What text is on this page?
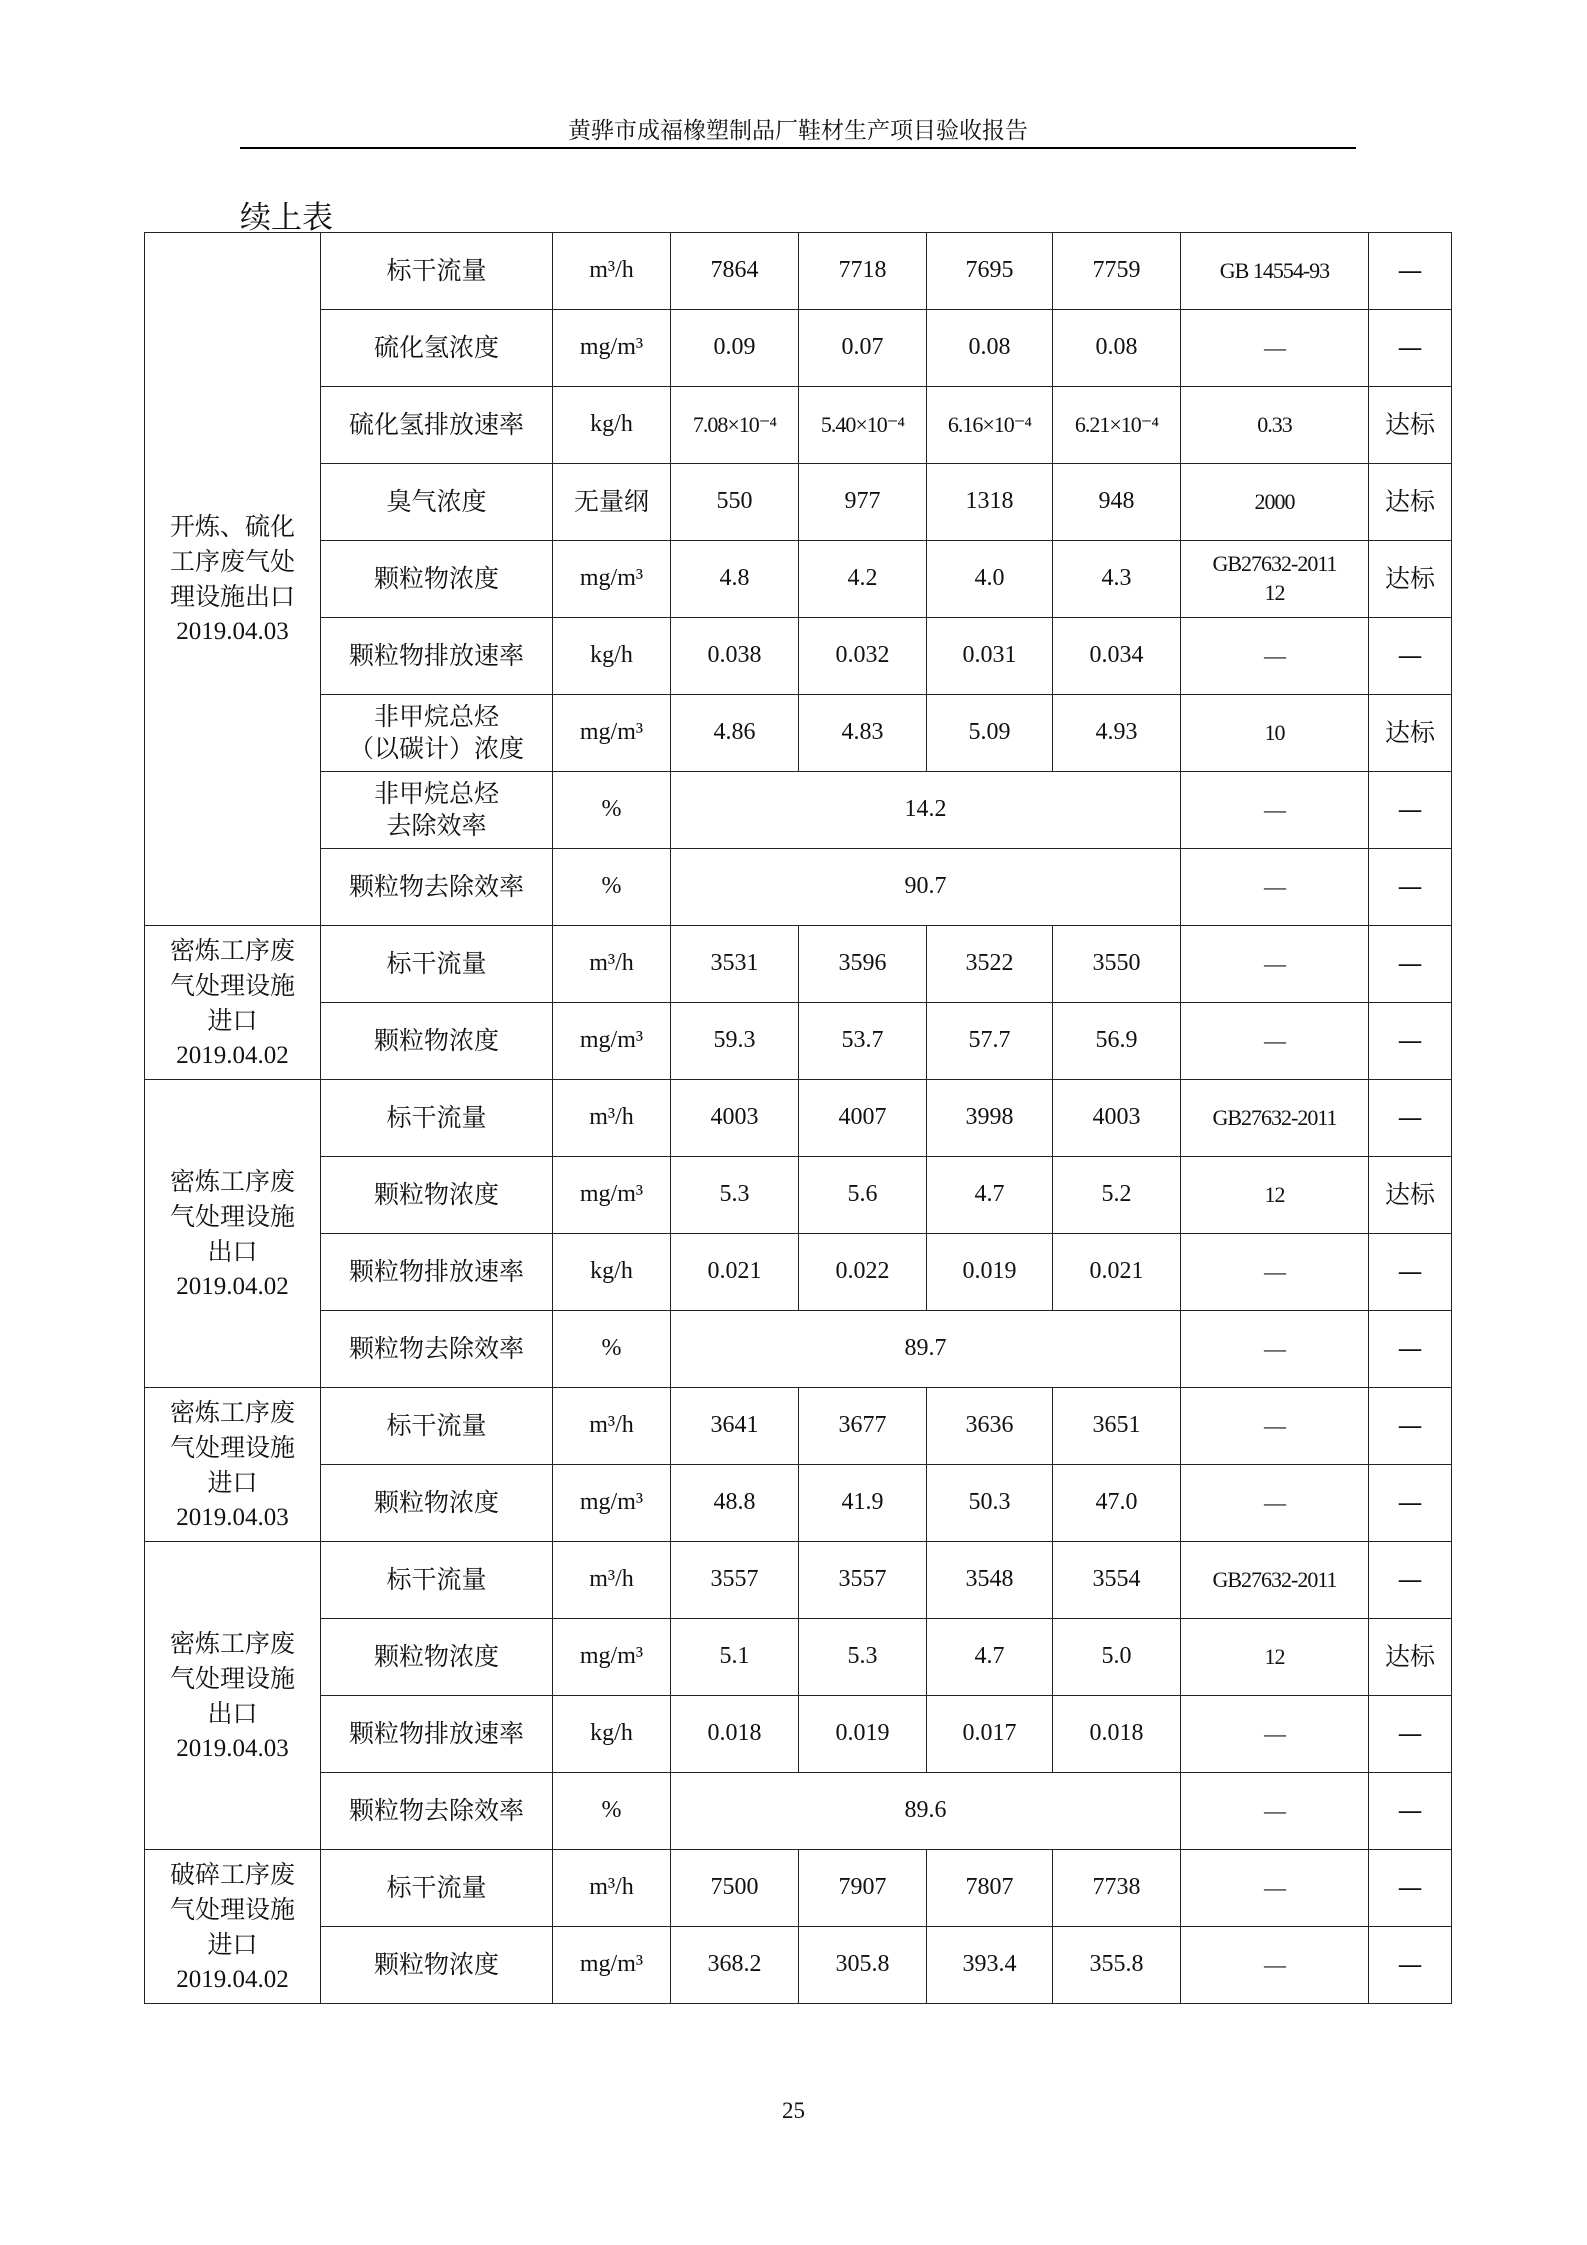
黄骅市成福橡塑制品厂鞋材生产项目验收报告
续上表
开炼、硫化
工序废气处
理设施出口
2019.04.03	标干流量	m³/h	7864	7718	7695	7759	GB 14554-93	—

	硫化氢浓度	mg/m³	0.09	0.07	0.08	0.08	—	—

	硫化氢排放速率	kg/h	7.08×10⁻⁴	5.40×10⁻⁴	6.16×10⁻⁴	6.21×10⁻⁴	0.33	达标

	臭气浓度	无量纲	550	977	1318	948	2000	达标

	颗粒物浓度	mg/m³	4.8	4.2	4.0	4.3	GB27632-2011
12	达标

	颗粒物排放速率	kg/h	0.038	0.032	0.031	0.034	—	—

	非甲烷总烃
（以碳计）浓度	mg/m³	4.86	4.83	5.09	4.93	10	达标

	非甲烷总烃
去除效率	%	14.2				—	—

	颗粒物去除效率	%	90.7				—	—

密炼工序废
气处理设施
进口
2019.04.02	标干流量	m³/h	3531	3596	3522	3550	—	—

	颗粒物浓度	mg/m³	59.3	53.7	57.7	56.9	—	—

密炼工序废
气处理设施
出口
2019.04.02	标干流量	m³/h	4003	4007	3998	4003	GB27632-2011	—

	颗粒物浓度	mg/m³	5.3	5.6	4.7	5.2	12	达标

	颗粒物排放速率	kg/h	0.021	0.022	0.019	0.021	—	—

	颗粒物去除效率	%	89.7				—	—

密炼工序废
气处理设施
进口
2019.04.03	标干流量	m³/h	3641	3677	3636	3651	—	—

	颗粒物浓度	mg/m³	48.8	41.9	50.3	47.0	—	—

密炼工序废
气处理设施
出口
2019.04.03	标干流量	m³/h	3557	3557	3548	3554	GB27632-2011	—

	颗粒物浓度	mg/m³	5.1	5.3	4.7	5.0	12	达标

	颗粒物排放速率	kg/h	0.018	0.019	0.017	0.018	—	—

	颗粒物去除效率	%	89.6				—	—

破碎工序废
气处理设施
进口
2019.04.02	标干流量	m³/h	7500	7907	7807	7738	—	—

	颗粒物浓度	mg/m³	368.2	305.8	393.4	355.8	—	—
25
